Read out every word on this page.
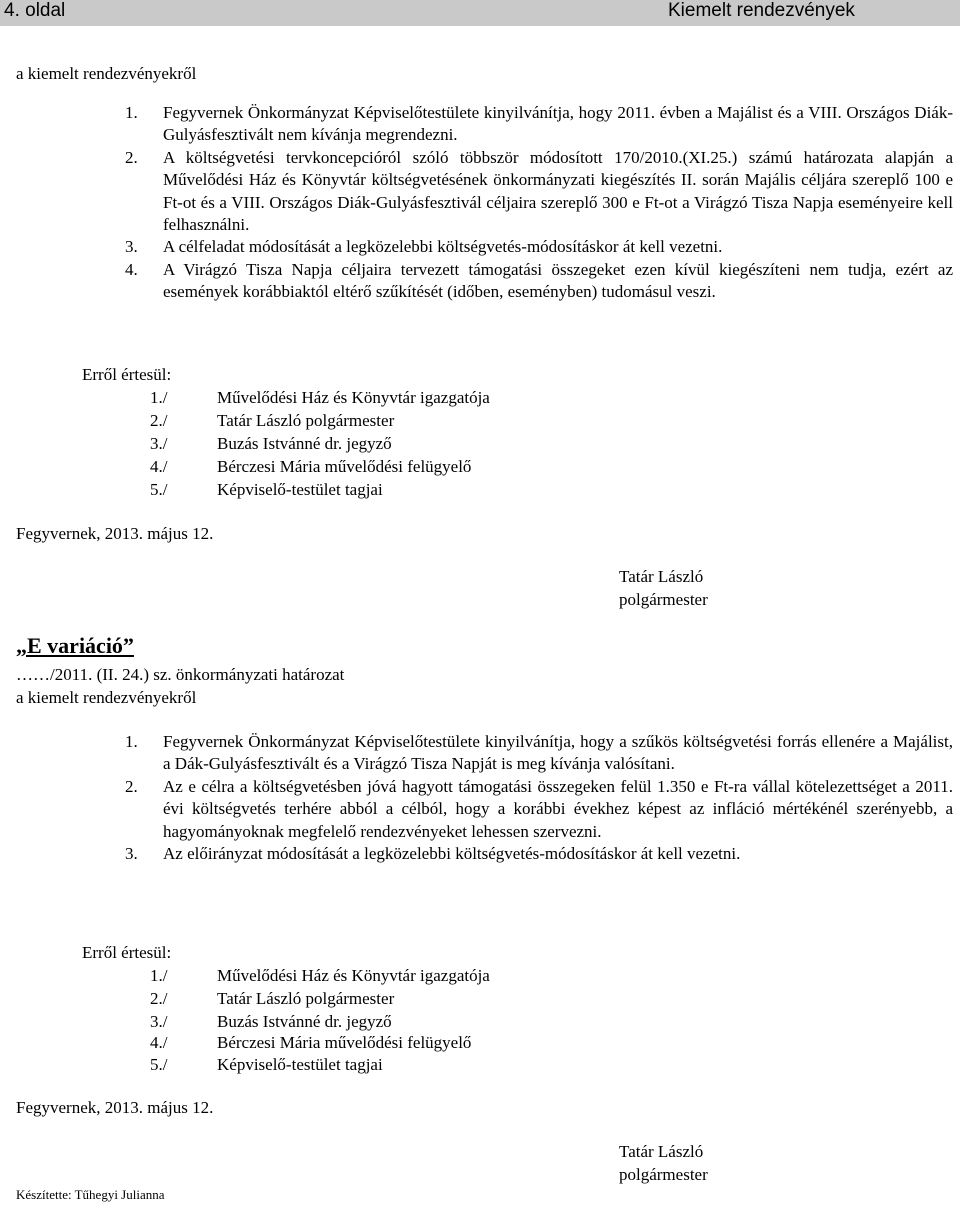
4. oldal	Kiemelt rendezvények
a kiemelt rendezvényekről
1. Fegyvernek Önkormányzat Képviselőtestülete kinyilvánítja, hogy 2011. évben a Majálist és a VIII. Országos Diák-Gulyásfesztivált nem kívánja megrendezni.
2. A költségvetési tervkoncepcióról szóló többször módosított 170/2010.(XI.25.) számú határozata alapján a Művelődési Ház és Könyvtár költségvetésének önkormányzati kiegészítés II. során Majális céljára szereplő 100 e Ft-ot és a VIII. Országos Diák-Gulyásfesztivál céljaira szereplő 300 e Ft-ot a Virágzó Tisza Napja eseményeire kell felhasználni.
3. A célfeladat módosítását a legközelebbi költségvetés-módosításkor át kell vezetni.
4. A Virágzó Tisza Napja céljaira tervezett támogatási összegeket ezen kívül kiegészíteni nem tudja, ezért az események korábbiaktól eltérő szűkítését (időben, eseményben) tudomásul veszi.
Erről értesül:
1./	Művelődési Ház és Könyvtár igazgatója
2./	Tatár László polgármester
3./	Buzás Istvánné dr. jegyző
4./	Bérczesi Mária művelődési felügyelő
5./	Képviselő-testület tagjai
Fegyvernek, 2013. május 12.
Tatár László
polgármester
„E variáció”
……/2011. (II. 24.) sz. önkormányzati határozat
a kiemelt rendezvényekről
1. Fegyvernek Önkormányzat Képviselőtestülete kinyilvánítja, hogy a szűkös költségvetési forrás ellenére a Majálist, a Dák-Gulyásfesztivált és a Virágzó Tisza Napját is meg kívánja valósítani.
2. Az e célra a költségvetésben jóvá hagyott támogatási összegeken felül 1.350 e Ft-ra vállal kötelezettséget a 2011. évi költségvetés terhére abból a célból, hogy a korábbi évekhez képest az infláció mértékénél szerényebb, a hagyományoknak megfelelő rendezvényeket lehessen szervezni.
3. Az előirányzat módosítását a legközelebbi költségvetés-módosításkor át kell vezetni.
Erről értesül:
1./	Művelődési Ház és Könyvtár igazgatója
2./	Tatár László polgármester
3./	Buzás Istvánné dr. jegyző
4./	Bérczesi Mária művelődési felügyelő
5./	Képviselő-testület tagjai
Fegyvernek, 2013. május 12.
Tatár László
polgármester
Készítette: Tűhegyi Julianna
